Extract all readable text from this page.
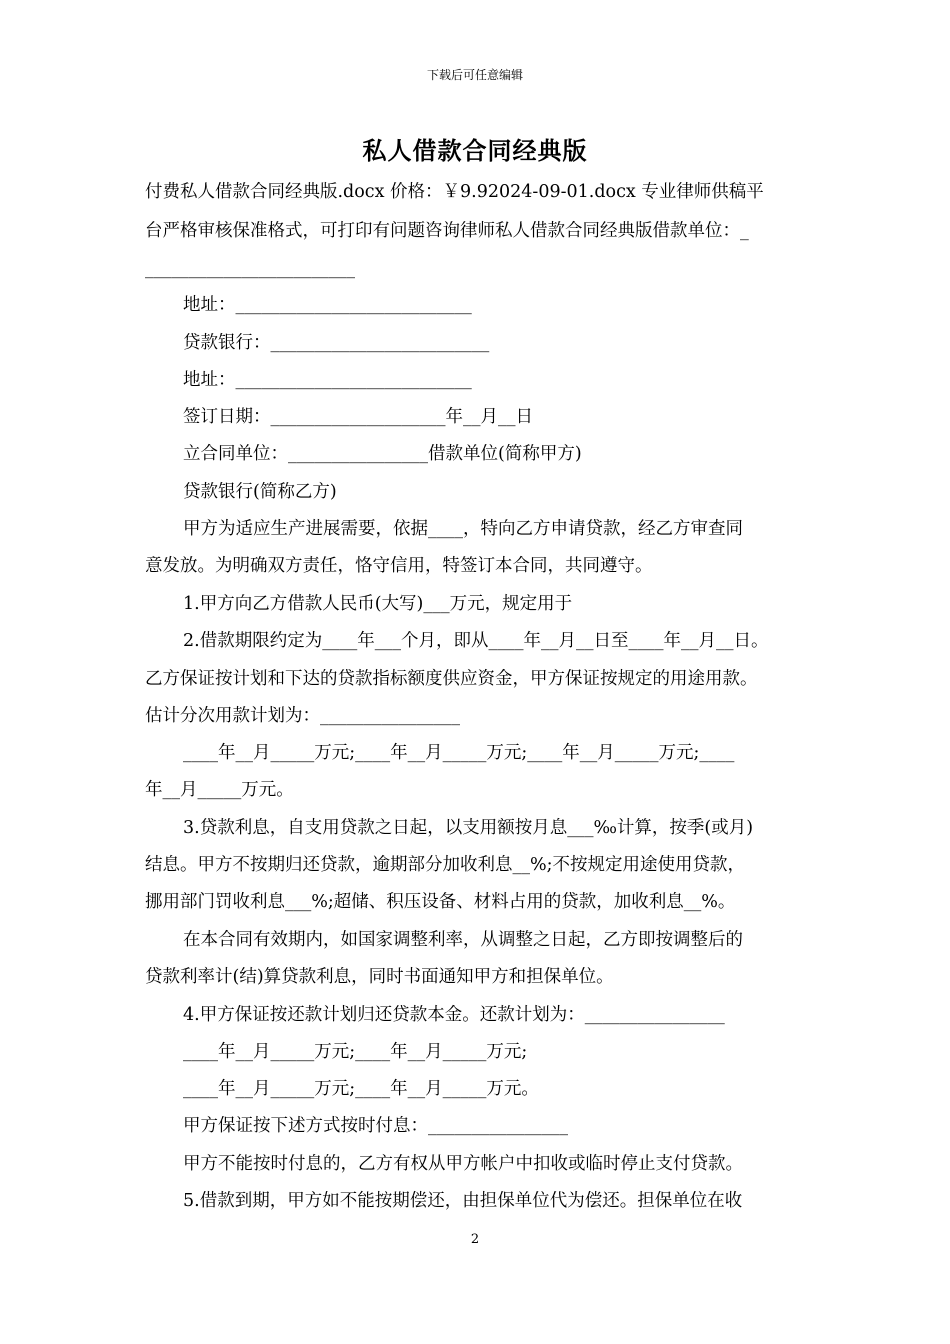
下载后可任意编辑
私人借款合同经典版
付费私人借款合同经典版.docx 价格：￥9.92024-09-01.docx 专业律师供稿平
台严格审核保准格式，可打印有问题咨询律师私人借款合同经典版借款单位：_
________________________
地址：___________________________
贷款银行：_________________________
地址：___________________________
签订日期：____________________年__月__日
立合同单位：________________借款单位(简称甲方)
贷款银行(简称乙方)
甲方为适应生产进展需要，依据____，特向乙方申请贷款，经乙方审查同
意发放。为明确双方责任，恪守信用，特签订本合同，共同遵守。
1.甲方向乙方借款人民币(大写)___万元，规定用于
2.借款期限约定为____年___个月，即从____年__月__日至____年__月__日。
乙方保证按计划和下达的贷款指标额度供应资金，甲方保证按规定的用途用款。
估计分次用款计划为：________________
____年__月_____万元;____年__月_____万元;____年__月_____万元;____
年__月_____万元。
3.贷款利息，自支用贷款之日起，以支用额按月息___‰计算，按季(或月)
结息。甲方不按期归还贷款，逾期部分加收利息__%;不按规定用途使用贷款，
挪用部门罚收利息___%;超储、积压设备、材料占用的贷款，加收利息__%。
在本合同有效期内，如国家调整利率，从调整之日起，乙方即按调整后的
贷款利率计(结)算贷款利息，同时书面通知甲方和担保单位。
4.甲方保证按还款计划归还贷款本金。还款计划为：________________
____年__月_____万元;____年__月_____万元;
____年__月_____万元;____年__月_____万元。
甲方保证按下述方式按时付息：________________
甲方不能按时付息的，乙方有权从甲方帐户中扣收或临时停止支付贷款。
5.借款到期，甲方如不能按期偿还，由担保单位代为偿还。担保单位在收
2
